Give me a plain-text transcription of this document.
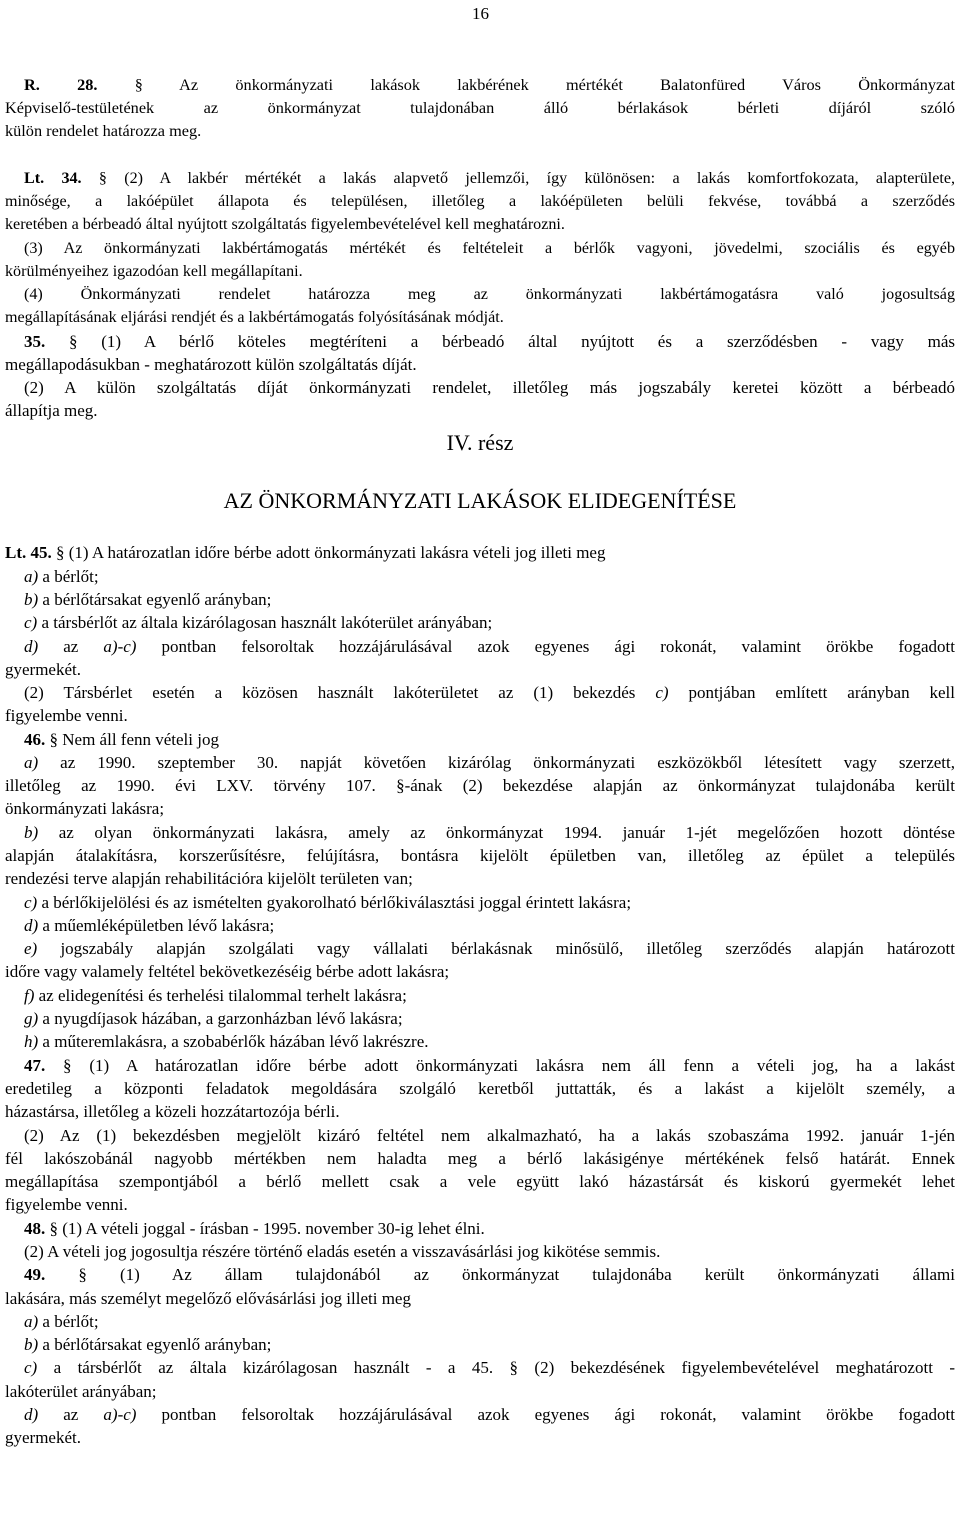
16
R. 28. § Az önkormányzati lakások lakbérének mértékét Balatonfüred Város Önkormányzat
Képviselő-testületének az önkormányzat tulajdonában álló bérlakások bérleti díjáról szóló
külön rendelet határozza meg.
Lt. 34. § (2) A lakbér mértékét a lakás alapvető jellemzői, így különösen: a lakás komfortfokozata, alapterülete,
minősége, a lakóépület állapota és településen, illetőleg a lakóépületen belüli fekvése, továbbá a szerződés
keretében a bérbeadó által nyújtott szolgáltatás figyelembevételével kell meghatározni.
(3) Az önkormányzati lakbértámogatás mértékét és feltételeit a bérlők vagyoni, jövedelmi, szociális és egyéb
körülményeihez igazodóan kell megállapítani.
(4) Önkormányzati rendelet határozza meg az önkormányzati lakbértámogatásra való jogosultság
megállapításának eljárási rendjét és a lakbértámogatás folyósításának módját.
35. § (1) A bérlő köteles megtéríteni a bérbeadó által nyújtott és a szerződésben - vagy más
megállapodásukban - meghatározott külön szolgáltatás díját.
(2) A külön szolgáltatás díját önkormányzati rendelet, illetőleg más jogszabály keretei között a bérbeadó
állapítja meg.
IV. rész
AZ ÖNKORMÁNYZATI LAKÁSOK ELIDEGENÍTÉSE
Lt. 45. § (1) A határozatlan időre bérbe adott önkormányzati lakásra vételi jog illeti meg
a) a bérlőt;
b) a bérlőtársakat egyenlő arányban;
c) a társbérlőt az általa kizárólagosan használt lakóterület arányában;
d) az a)-c) pontban felsoroltak hozzájárulásával azok egyenes ági rokonát, valamint örökbe fogadott
gyermekét.
(2) Társbérlet esetén a közösen használt lakóterületet az (1) bekezdés c) pontjában említett arányban kell
figyelembe venni.
46. § Nem áll fenn vételi jog
a) az 1990. szeptember 30. napját követően kizárólag önkormányzati eszközökből létesített vagy szerzett,
illetőleg az 1990. évi LXV. törvény 107. §-ának (2) bekezdése alapján az önkormányzat tulajdonába került
önkormányzati lakásra;
b) az olyan önkormányzati lakásra, amely az önkormányzat 1994. január 1-jét megelőzően hozott döntése
alapján átalakításra, korszerűsítésre, felújításra, bontásra kijelölt épületben van, illetőleg az épület a település
rendezési terve alapján rehabilitációra kijelölt területen van;
c) a bérlőkijelölési és az ismételten gyakorolható bérlőkiválasztási joggal érintett lakásra;
d) a műemléképületben lévő lakásra;
e) jogszabály alapján szolgálati vagy vállalati bérlakásnak minősülő, illetőleg szerződés alapján határozott
időre vagy valamely feltétel bekövetkezéséig bérbe adott lakásra;
f) az elidegenítési és terhelési tilalommal terhelt lakásra;
g) a nyugdíjasok házában, a garzonházban lévő lakásra;
h) a műteremlakásra, a szobabérlők házában lévő lakrészre.
47. § (1) A határozatlan időre bérbe adott önkormányzati lakásra nem áll fenn a vételi jog, ha a lakást
eredetileg a központi feladatok megoldására szolgáló keretből juttatták, és a lakást a kijelölt személy, a
házastársa, illetőleg a közeli hozzátartozója bérli.
(2) Az (1) bekezdésben megjelölt kizáró feltétel nem alkalmazható, ha a lakás szobaszáma 1992. január 1-jén
fél lakószobánál nagyobb mértékben nem haladta meg a bérlő lakásigénye mértékének felső határát. Ennek
megállapítása szempontjából a bérlő mellett csak a vele együtt lakó házastársát és kiskorú gyermekét lehet
figyelembe venni.
48. § (1) A vételi joggal - írásban - 1995. november 30-ig lehet élni.
(2) A vételi jog jogosultja részére történő eladás esetén a visszavásárlási jog kikötése semmis.
49. § (1) Az állam tulajdonából az önkormányzat tulajdonába került önkormányzati állami
lakására, más személyt megelőző elővásárlási jog illeti meg
a) a bérlőt;
b) a bérlőtársakat egyenlő arányban;
c) a társbérlőt az általa kizárólagosan használt - a 45. § (2) bekezdésének figyelembevételével meghatározott -
lakóterület arányában;
d) az a)-c) pontban felsoroltak hozzájárulásával azok egyenes ági rokonát, valamint örökbe fogadott
gyermekét.
